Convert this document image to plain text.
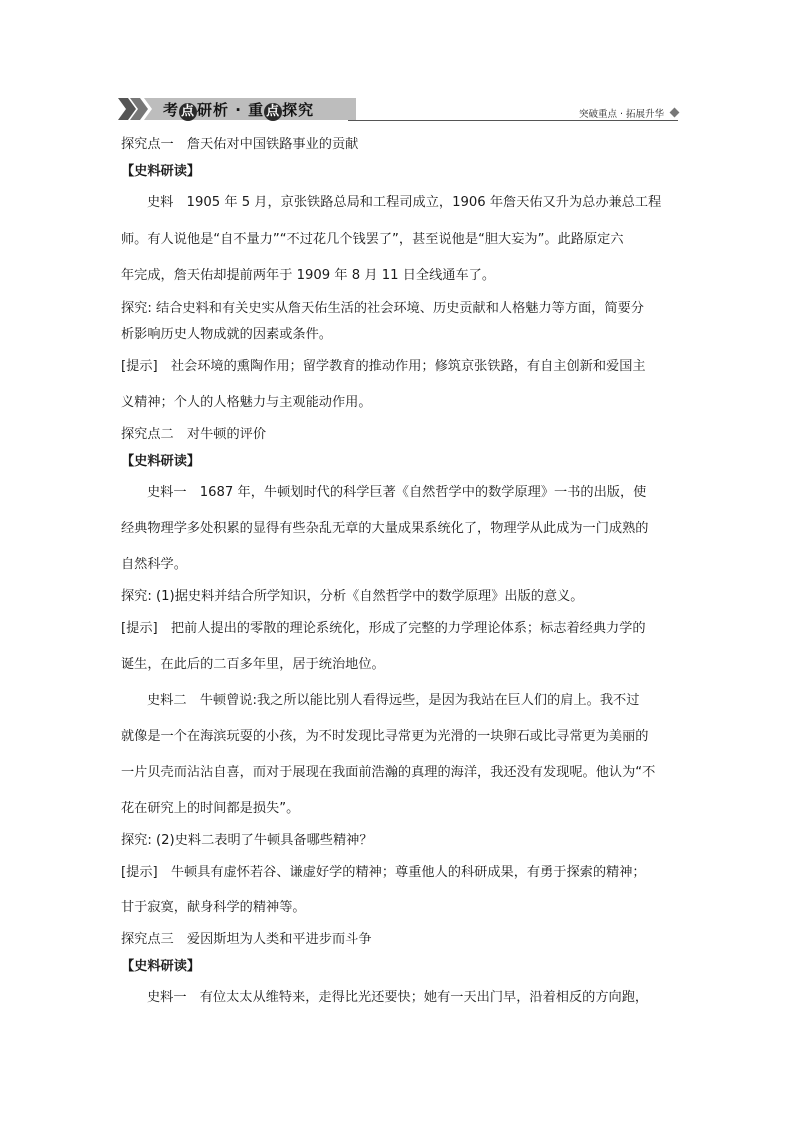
考 点 研析 · 重 点 探究	突破重点 · 拓展升华
探究点一　詹天佑对中国铁路事业的贡献
【史料研读】
史料　1905 年 5 月，京张铁路总局和工程司成立，1906 年詹天佑又升为总办兼总工程
师。有人说他是“自不量力”“不过花几个钱罢了”，甚至说他是“胆大妄为”。此路原定六
年完成，詹天佑却提前两年于 1909 年 8 月 11 日全线通车了。
探究: 结合史料和有关史实从詹天佑生活的社会环境、历史贡献和人格魅力等方面，简要分
析影响历史人物成就的因素或条件。
[提示]　社会环境的熏陶作用；留学教育的推动作用；修筑京张铁路，有自主创新和爱国主
义精神；个人的人格魅力与主观能动作用。
探究点二　对牛顿的评价
【史料研读】
史料一　1687 年，牛顿划时代的科学巨著《自然哲学中的数学原理》一书的出版，使
经典物理学多处积累的显得有些杂乱无章的大量成果系统化了，物理学从此成为一门成熟的
自然科学。
探究: (1)据史料并结合所学知识，分析《自然哲学中的数学原理》出版的意义。
[提示]　把前人提出的零散的理论系统化，形成了完整的力学理论体系；标志着经典力学的
诞生，在此后的二百多年里，居于统治地位。
史料二　牛顿曾说:我之所以能比别人看得远些，是因为我站在巨人们的肩上。我不过
就像是一个在海滨玩耍的小孩，为不时发现比寻常更为光滑的一块卵石或比寻常更为美丽的
一片贝壳而沾沾自喜，而对于展现在我面前浩瀚的真理的海洋，我还没有发现呢。他认为“不
花在研究上的时间都是损失”。
探究: (2)史料二表明了牛顿具备哪些精神？
[提示]　牛顿具有虚怀若谷、谦虚好学的精神；尊重他人的科研成果，有勇于探索的精神；
甘于寂寞，献身科学的精神等。
探究点三　爱因斯坦为人类和平进步而斗争
【史料研读】
史料一　有位太太从维特来，走得比光还要快；她有一天出门早，沿着相反的方向跑，
